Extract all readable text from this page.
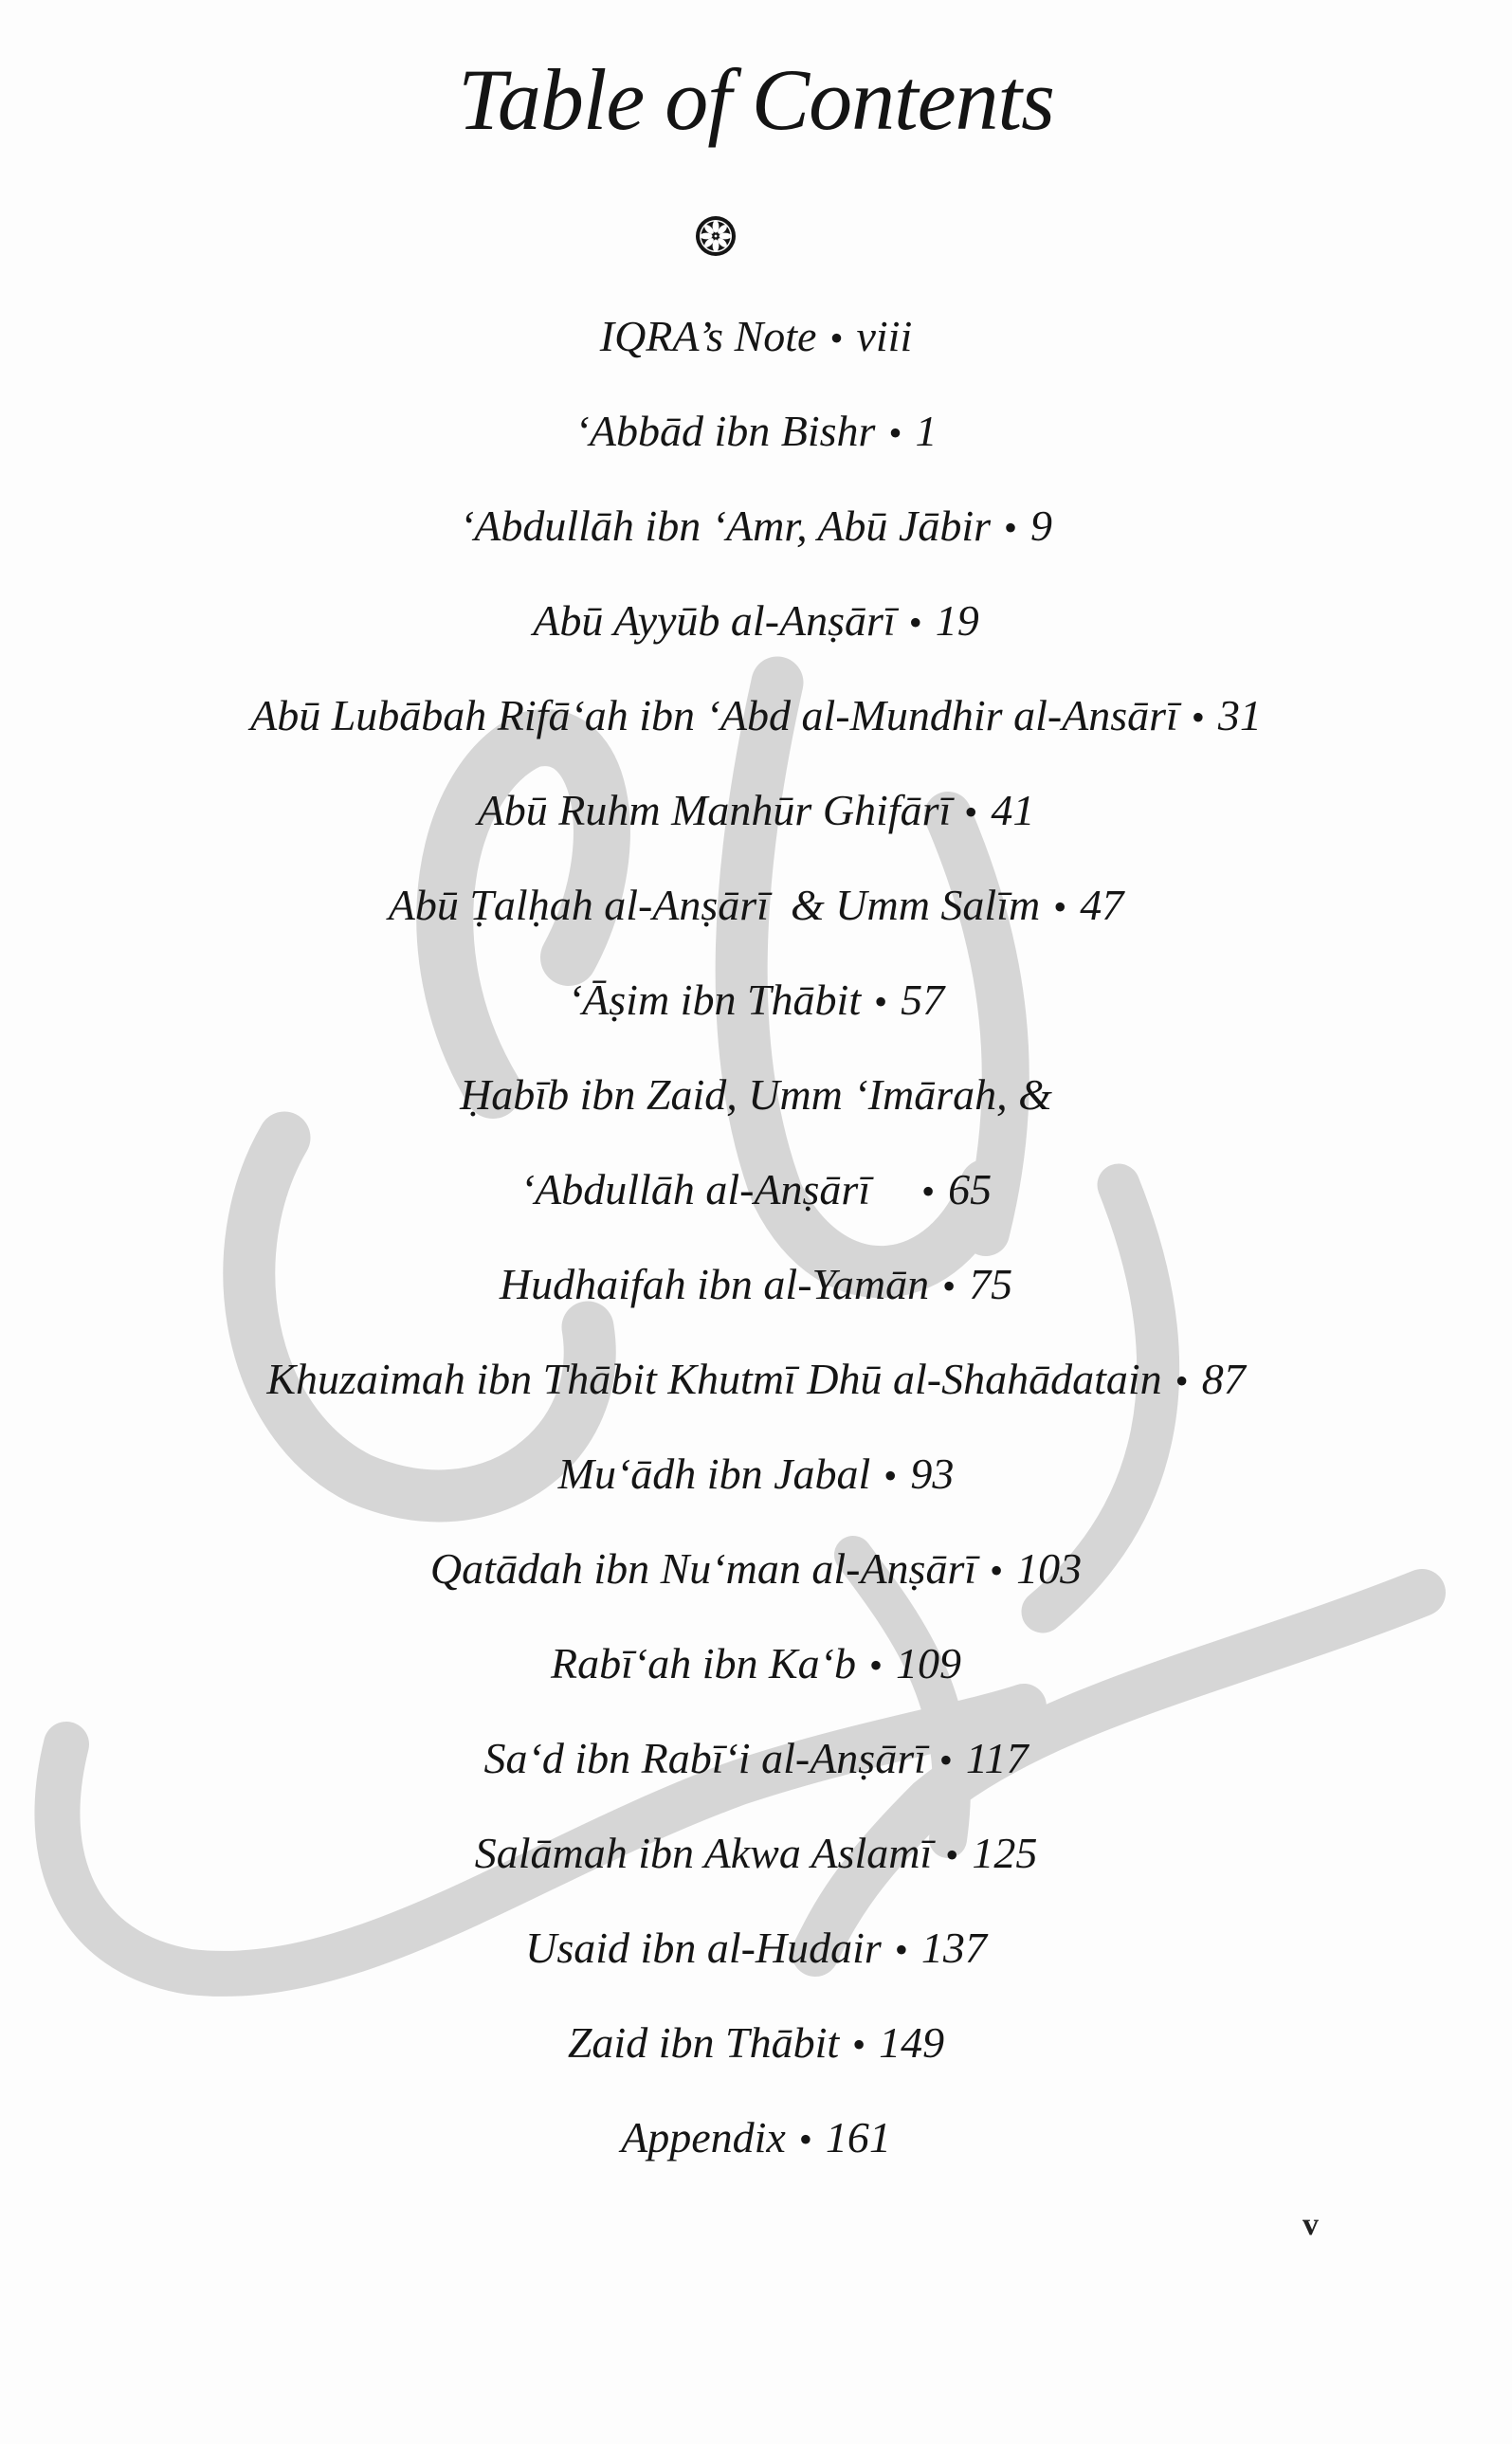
Table of Contents
IQRA’s Note • viii
‘Abbād ibn Bishr • 1
‘Abdullāh ibn ‘Amr, Abū Jābir • 9
Abū Ayyūb al-Anṣārī • 19
Abū Lubābah Rifā‘ah ibn ‘Abd al-Mundhir al-Ansārī • 31
Abū Ruhm Manhūr Ghifārī • 41
Abū Ṭalḥah al-Anṣārī  & Umm Salīm • 47
‘Āṣim ibn Thābit • 57
Ḥabīb ibn Zaid, Umm ‘Imārah, &
‘Abdullāh al-Anṣārī • 65
Hudhaifah ibn al-Yamān • 75
Khuzaimah ibn Thābit Khutmī Dhū al-Shahādatain • 87
Mu‘ādh ibn Jabal • 93
Qatādah ibn Nu‘man al-Anṣārī • 103
Rabī‘ah ibn Ka‘b • 109
Sa‘d ibn Rabī‘i al-Anṣārī • 117
Salāmah ibn Akwa Aslamī • 125
Usaid ibn al-Hudair • 137
Zaid ibn Thābit • 149
Appendix • 161
v
